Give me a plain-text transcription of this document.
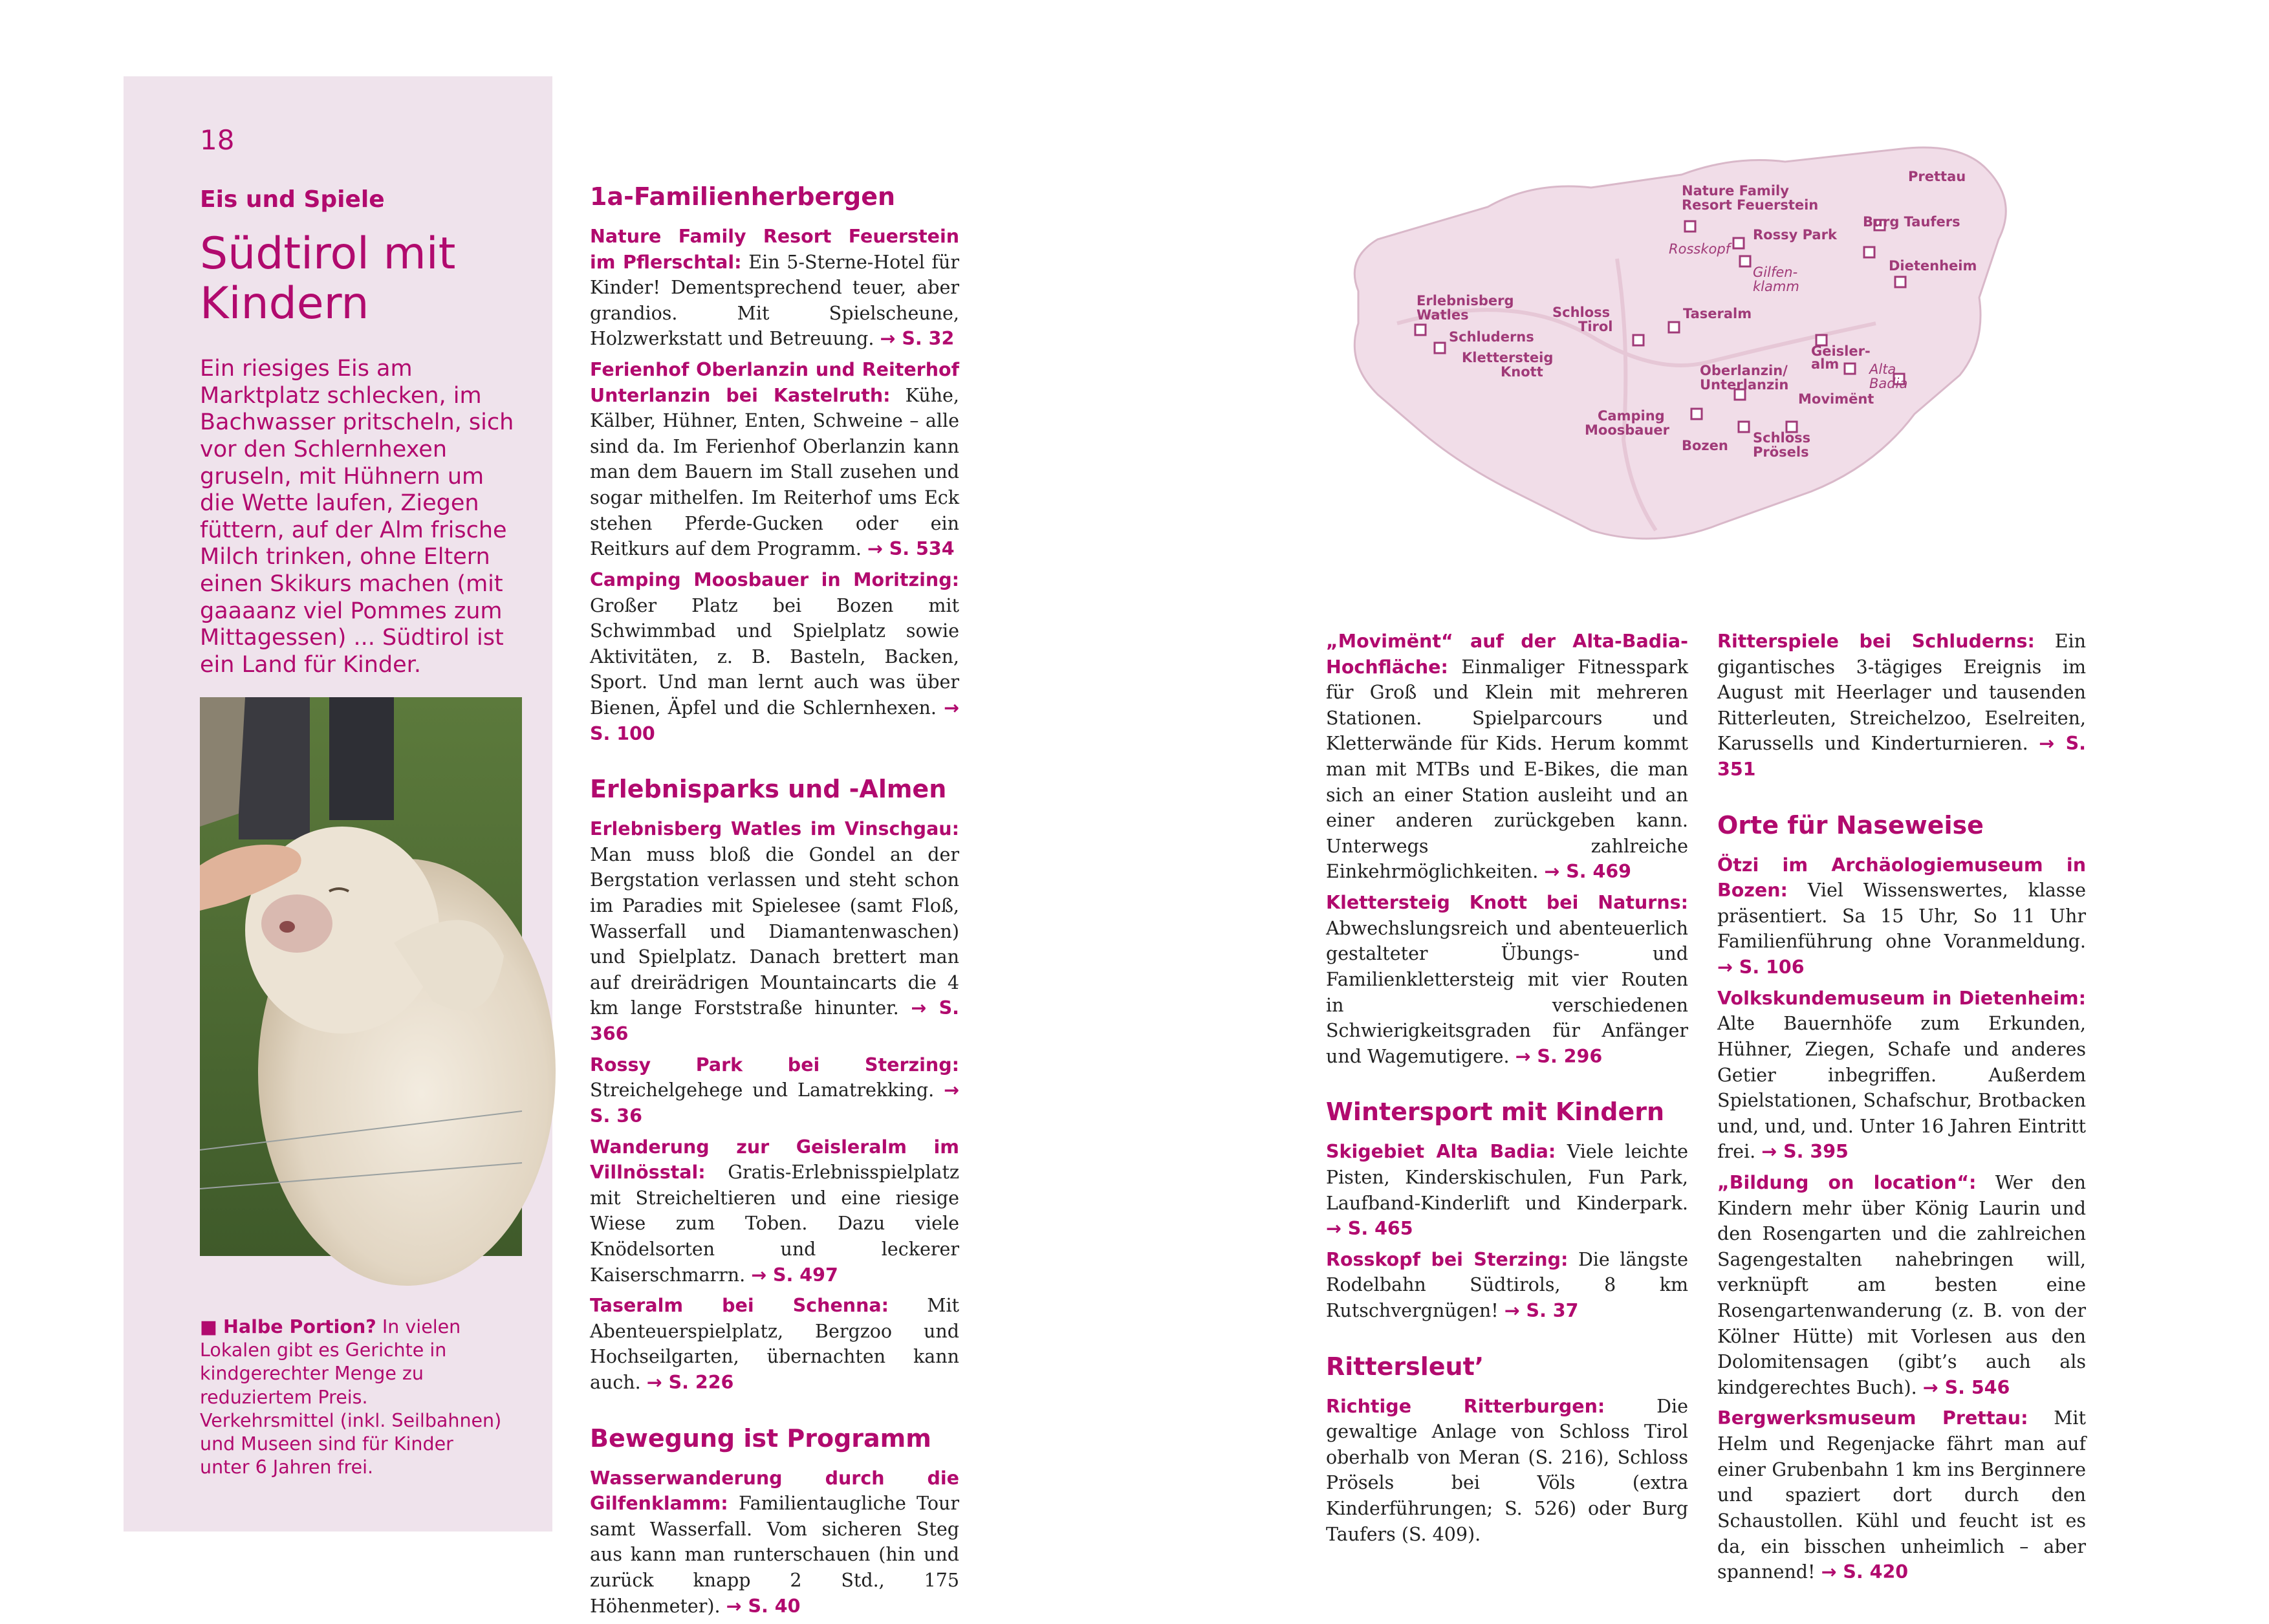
18
Eis und Spiele
Südtirol mit Kindern
Ein riesiges Eis am Marktplatz schlecken, im Bachwasser pritscheln, sich vor den Schlernhexen gruseln, mit Hühnern um die Wette laufen, Ziegen füttern, auf der Alm frische Milch trinken, ohne Eltern einen Skikurs machen (mit gaaaanz viel Pommes zum Mittagessen) ... Südtirol ist ein Land für Kinder.
■ Halbe Portion? In vielen Lokalen gibt es Gerichte in kindgerechter Menge zu reduziertem Preis. Verkehrsmittel (inkl. Seilbahnen) und Museen sind für Kinder unter 6 Jahren frei.
1a-Familienherbergen

Nature Family Resort Feuerstein im Pflerschtal: Ein 5-Sterne-Hotel für Kinder! Dementsprechend teuer, aber grandios. Mit Spielscheune, Holzwerkstatt und Betreuung. → S. 32

Ferienhof Oberlanzin und Reiterhof Unterlanzin bei Kastelruth: Kühe, Kälber, Hühner, Enten, Schweine – alle sind da. Im Ferienhof Oberlanzin kann man dem Bauern im Stall zusehen und sogar mithelfen. Im Reiterhof ums Eck stehen Pferde-Gucken oder ein Reitkurs auf dem Programm. → S. 534

Camping Moosbauer in Moritzing: Großer Platz bei Bozen mit Schwimmbad und Spielplatz sowie Aktivitäten, z. B. Basteln, Backen, Sport. Und man lernt auch was über Bienen, Äpfel und die Schlernhexen. → S. 100

Erlebnisparks und -Almen

Erlebnisberg Watles im Vinschgau: Man muss bloß die Gondel an der Bergstation verlassen und steht schon im Paradies mit Spielesee (samt Floß, Wasserfall und Diamantenwaschen) und Spielplatz. Danach brettert man auf dreirädrigen Mountaincarts die 4 km lange Forststraße hinunter. → S. 366

Rossy Park bei Sterzing: Streichelgehege und Lamatrekking. → S. 36

Wanderung zur Geisleralm im Villnösstal: Gratis-Erlebnisspielplatz mit Streicheltieren und eine riesige Wiese zum Toben. Dazu viele Knödelsorten und leckerer Kaiserschmarrn. → S. 497

Taseralm bei Schenna: Mit Abenteuerspielplatz, Bergzoo und Hochseilgarten, übernachten kann auch. → S. 226

Bewegung ist Programm

Wasserwanderung durch die Gilfenklamm: Familientaugliche Tour samt Wasserfall. Vom sicheren Steg aus kann man runterschauen (hin und zurück knapp 2 Std., 175 Höhenmeter). → S. 40

Prettau
Nature Family
Resort Feuerstein
Rossy Park
Burg Taufers
Rosskopf
Gilfen-
klamm
Dietenheim
Erlebnisberg
Watles
Schluderns
Schloss
Tirol
Taseralm
Klettersteig
Knott
Geisler-
alm Alta
Badia
Oberlanzin/
Unterlanzin
Movimënt
Camping
Moosbauer
Bozen Schloss
Prösels

„Movimënt“ auf der Alta-Badia-Hochfläche: Einmaliger Fitnesspark für Groß und Klein mit mehreren Stationen. Spielparcours und Kletterwände für Kids. Herum kommt man mit MTBs und E-Bikes, die man sich an einer Station ausleiht und an einer anderen zurückgeben kann. Unterwegs zahlreiche Einkehrmöglichkeiten. → S. 469

Klettersteig Knott bei Naturns: Abwechslungsreich und abenteuerlich gestalteter Übungs- und Familienklettersteig mit vier Routen in verschiedenen Schwierigkeitsgraden für Anfänger und Wagemutigere. → S. 296

Wintersport mit Kindern

Skigebiet Alta Badia: Viele leichte Pisten, Kinderskischulen, Fun Park, Laufband-Kinderlift und Kinderpark. → S. 465

Rosskopf bei Sterzing: Die längste Rodelbahn Südtirols, 8 km Rutschvergnügen! → S. 37

Rittersleut’

Richtige Ritterburgen: Die gewaltige Anlage von Schloss Tirol oberhalb von Meran (S. 216), Schloss Prösels bei Völs (extra Kinderführungen; S. 526) oder Burg Taufers (S. 409).

Ritterspiele bei Schluderns: Ein gigantisches 3-tägiges Ereignis im August mit Heerlager und tausenden Ritterleuten, Streichelzoo, Eselreiten, Karussells und Kinderturnieren. → S. 351

Orte für Naseweise

Ötzi im Archäologiemuseum in Bozen: Viel Wissenswertes, klasse präsentiert. Sa 15 Uhr, So 11 Uhr Familienführung ohne Voranmeldung. → S. 106

Volkskundemuseum in Dietenheim: Alte Bauernhöfe zum Erkunden, Hühner, Ziegen, Schafe und anderes Getier inbegriffen. Außerdem Spielstationen, Schafschur, Brotbacken und, und, und. Unter 16 Jahren Eintritt frei. → S. 395

„Bildung on location“: Wer den Kindern mehr über König Laurin und den Rosengarten und die zahlreichen Sagengestalten nahebringen will, verknüpft am besten eine Rosengartenwanderung (z. B. von der Kölner Hütte) mit Vorlesen aus den Dolomitensagen (gibt’s auch als kindgerechtes Buch). → S. 546

Bergwerksmuseum Prettau: Mit Helm und Regenjacke fährt man auf einer Grubenbahn 1 km ins Berginnere und spaziert dort durch den Schaustollen. Kühl und feucht ist es da, ein bisschen unheimlich – aber spannend! → S. 420
